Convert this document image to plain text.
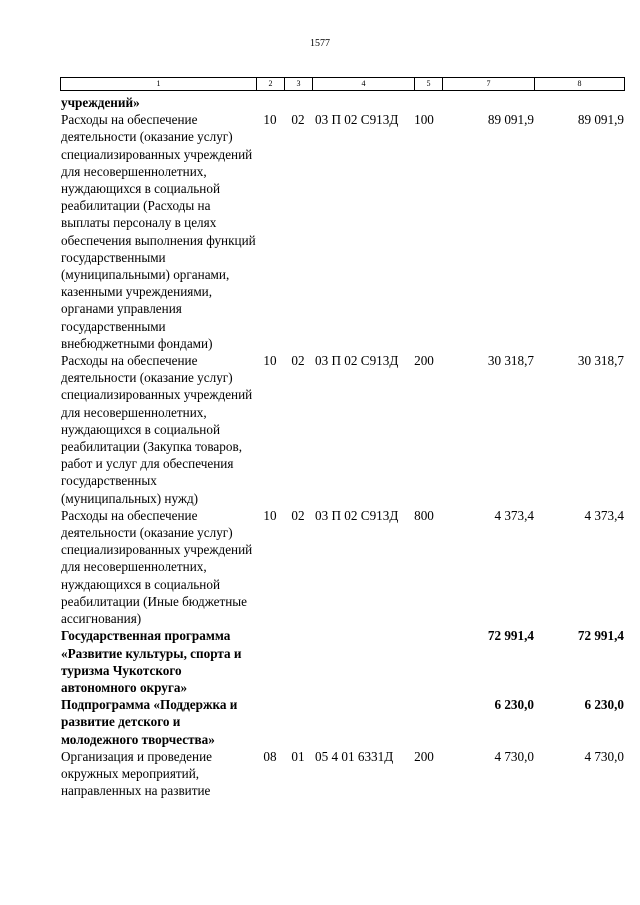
1577
1	2	3	4	5	7	8
учреждений»						
Расходы на обеспечение деятельности (оказание услуг) специализированных учреждений для несовершеннолетних, нуждающихся в социальной реабилитации (Расходы на выплаты персоналу в целях обеспечения выполнения функций государственными (муниципальными) органами, казенными учреждениями, органами управления государственными внебюджетными фондами)	10	02	03 П 02 С913Д	100	89 091,9	89 091,9
Расходы на обеспечение деятельности (оказание услуг) специализированных учреждений для несовершеннолетних, нуждающихся в социальной реабилитации (Закупка товаров, работ и услуг для обеспечения государственных (муниципальных) нужд)	10	02	03 П 02 С913Д	200	30 318,7	30 318,7
Расходы на обеспечение деятельности (оказание услуг) специализированных учреждений для несовершеннолетних, нуждающихся в социальной реабилитации (Иные бюджетные ассигнования)	10	02	03 П 02 С913Д	800	4 373,4	4 373,4
Государственная программа «Развитие культуры, спорта и туризма Чукотского автономного округа»					72 991,4	72 991,4
Подпрограмма «Поддержка и развитие детского и молодежного творчества»					6 230,0	6 230,0
Организация и проведение окружных мероприятий, направленных на развитие	08	01	05 4 01 6331Д	200	4 730,0	4 730,0
